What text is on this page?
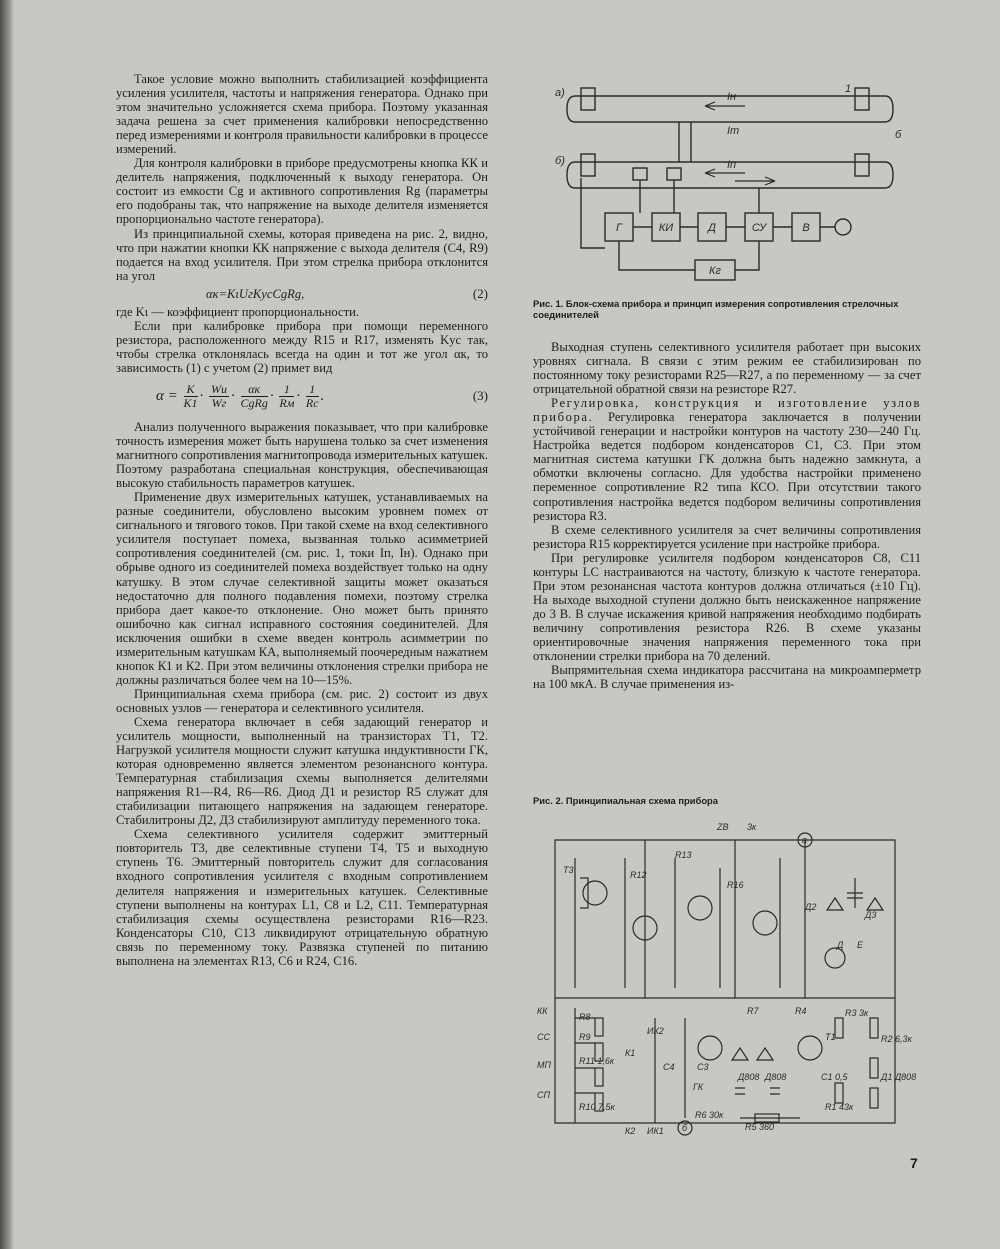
Такое условие можно выполнить стабилизацией коэффициента усиления усилителя, частоты и напряжения генератора. Однако при этом значительно усложняется схема прибора. Поэтому указанная задача решена за счет применения калибровки непосредственно перед измерениями и контроля правильности калибровки в процессе измерений.

Для контроля калибровки в приборе предусмотрены кнопка КК и делитель напряжения, подключенный к выходу генератора. Он состоит из емкости Cg и активного сопротивления Rg (параметры его подобраны так, что напряжение на выходе делителя изменяется пропорционально частоте генератора).

Из принципиальной схемы, которая приведена на рис. 2, видно, что при нажатии кнопки КК напряжение с выхода делителя (С4, R9) подается на вход усилителя. При этом стрелка прибора отклонится на угол

αк=KιUгKусCgRg,	(2)

где Kι — коэффициент пропорциональности.

Если при калибровке прибора при помощи переменного резистора, расположенного между R15 и R17, изменять Kус так, чтобы стрелка отклонялась всегда на один и тот же угол αк, то зависимость (1) с учетом (2) примет вид

$\alpha = \frac{K}{K1} \cdot \frac{Wи}{Wг} \cdot \frac{\alpha к}{\text{CgRg}} \cdot \frac{1}{Rм} \cdot \frac{1}{Rc}$ .	(3)

Анализ полученного выражения показывает, что при калибровке точность измерения может быть нарушена только за счет изменения магнитного сопротивления магнитопровода измерительных катушек. Поэтому разработана специальная конструкция, обеспечивающая высокую стабильность параметров катушек.

Применение двух измерительных катушек, устанавливаемых на разные соединители, обусловлено высоким уровнем помех от сигнального и тягового токов. При такой схеме на вход селективного усилителя поступает помеха, вызванная только асимметрией сопротивления соединителей (см. рис. 1, токи Iп, Iн). Однако при обрыве одного из соединителей помеха воздействует только на одну катушку. В этом случае селективной защиты может оказаться недостаточно для полного подавления помехи, поэтому стрелка прибора дает какое-то отклонение. Оно может быть принято ошибочно как сигнал исправного состояния соединителей. Для исключения ошибки в схеме введен контроль асимметрии по измерительным катушкам КА, выполняемый поочередным нажатием кнопок К1 и К2. При этом величины отклонения стрелки прибора не должны различаться более чем на 10—15%.

Принципиальная схема прибора (см. рис. 2) состоит из двух основных узлов — генератора и селективного усилителя.

Схема генератора включает в себя задающий генератор и усилитель мощности, выполненный на транзисторах Т1, Т2. Нагрузкой усилителя мощности служит катушка индуктивности ГК, которая одновременно является элементом резонансного контура. Температурная стабилизация схемы выполняется делителями напряжения R1—R4, R6—R6. Диод Д1 и резистор R5 служат для стабилизации питающего напряжения на задающем генераторе. Стабилитроны Д2, Д3 стабилизируют амплитуду переменного тока.

Схема селективного усилителя содержит эмиттерный повторитель Т3, две селективные ступени Т4, Т5 и выходную ступень Т6. Эмиттерный повторитель служит для согласования входного сопротивления усилителя с входным сопротивлением делителя напряжения и измерительных катушек. Селективные ступени выполнены на контурах L1, C8 и L2, C11. Температурная стабилизация схемы осуществлена резисторами R16—R23. Конденсаторы С10, С13 ликвидируют отрицательную обратную связь по переменному току. Развязка ступеней по питанию выполнена на элементах R13, C6 и R24, C16.

а)
б)
1
б
Iн
Iт
Iп
Г	КИ	Д	СУ	В
Кг
Рис. 1. Блок-схема прибора и принцип измерения сопротивления стрелочных соединителей

Выходная ступень селективного усилителя работает при высоких уровнях сигнала. В связи с этим режим ее стабилизирован по постоянному току резисторами R25—R27, а по переменному — за счет отрицательной обратной связи на резисторе R27.

Регулировка, конструкция и изготовление узлов прибора. Регулировка генератора заключается в получении устойчивой генерации и настройки контуров на частоту 230—240 Гц. Настройка ведется подбором конденсаторов С1, С3. При этом магнитная система катушки ГК должна быть надежно замкнута, а обмотки включены согласно. Для удобства настройки применено переменное сопротивление R2 типа КСО. При отсутствии такого сопротивления настройка ведется подбором величины сопротивления резистора R3.

В схеме селективного усилителя за счет величины сопротивления резистора R15 корректируется усиление при настройке прибора.

При регулировке усилителя подбором конденсаторов С8, С11 контуры LC настраиваются на частоту, близкую к частоте генератора. При этом резонансная частота контуров должна отличаться (±10 Гц). На выходе выходной ступени должно быть неискаженное напряжение до 3 В. В случае искажения кривой напряжения необходимо подбирать величину сопротивления резистора R26. В схеме указаны ориентировочные значения напряжения переменного тока при отклонении стрелки прибора на 70 делений.

Выпрямительная схема индикатора рассчитана на микроамперметр на 100 мкА. В случае применения из-

Рис. 2. Принципиальная схема прибора
КК
СС
МП
СП
К1
К2 ИК1
ИК2
ГК
Т3
Т1
R7	R4	R3 3к
R2 6,3к
Д1 Д808
C1 0,5
R1 43к
R5 360
R6 30к
Д808 Д808
R10 7,5к
R11 1,6к
R9
R8
C3
C4
ZВ 3к
а
б
Д Е
Д2
Д3
R12
R13
R16
7
